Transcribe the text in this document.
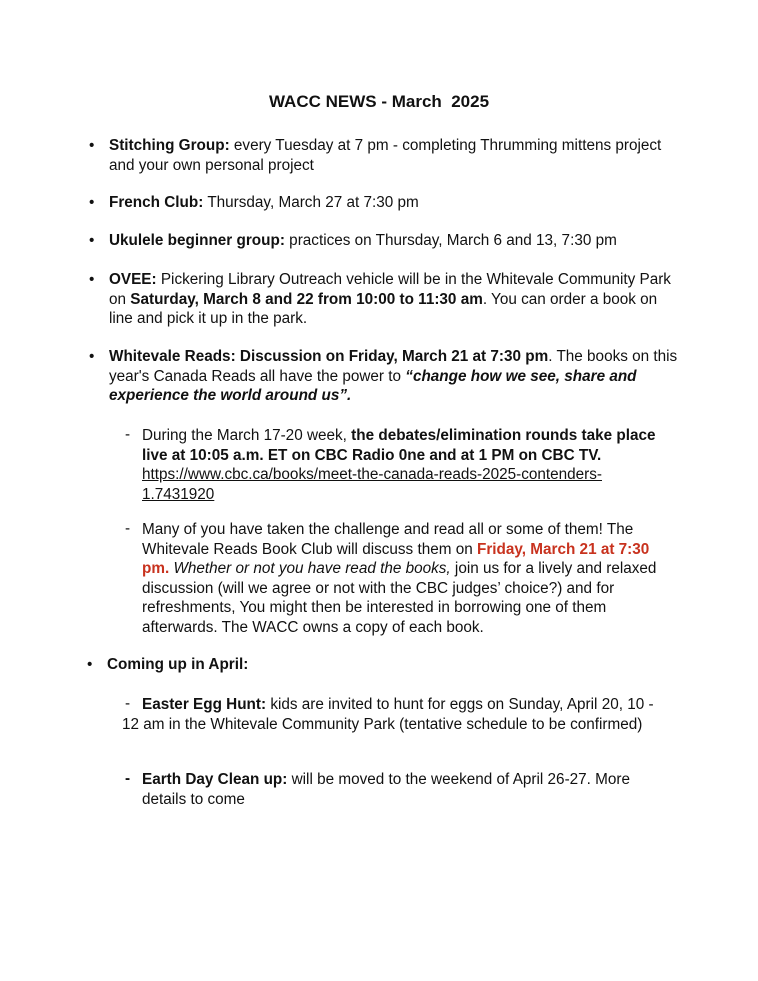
WACC NEWS - March  2025
• Stitching Group: every Tuesday at 7 pm - completing Thrumming mittens project and your own personal project
• French Club: Thursday, March 27 at 7:30 pm
• Ukulele beginner group: practices on Thursday, March 6 and 13, 7:30 pm
• OVEE: Pickering Library Outreach vehicle will be in the Whitevale Community Park on Saturday, March 8 and 22 from 10:00 to 11:30 am. You can order a book on line and pick it up in the park.
• Whitevale Reads: Discussion on Friday, March 21 at 7:30 pm. The books on this year's Canada Reads all have the power to “change how we see, share and experience the world around us”.
- During the March 17-20 week, the debates/elimination rounds take place live at 10:05 a.m. ET on CBC Radio 0ne and at 1 PM on CBC TV. https://www.cbc.ca/books/meet-the-canada-reads-2025-contenders-1.7431920
- Many of you have taken the challenge and read all or some of them! The Whitevale Reads Book Club will discuss them on Friday, March 21 at 7:30 pm. Whether or not you have read the books, join us for a lively and relaxed discussion (will we agree or not with the CBC judges’ choice?) and for refreshments, You might then be interested in borrowing one of them afterwards. The WACC owns a copy of each book.
• Coming up in April:
- Easter Egg Hunt: kids are invited to hunt for eggs on Sunday, April 20, 10 - 12 am in the Whitevale Community Park (tentative schedule to be confirmed)
- Earth Day Clean up: will be moved to the weekend of April 26-27. More details to come
